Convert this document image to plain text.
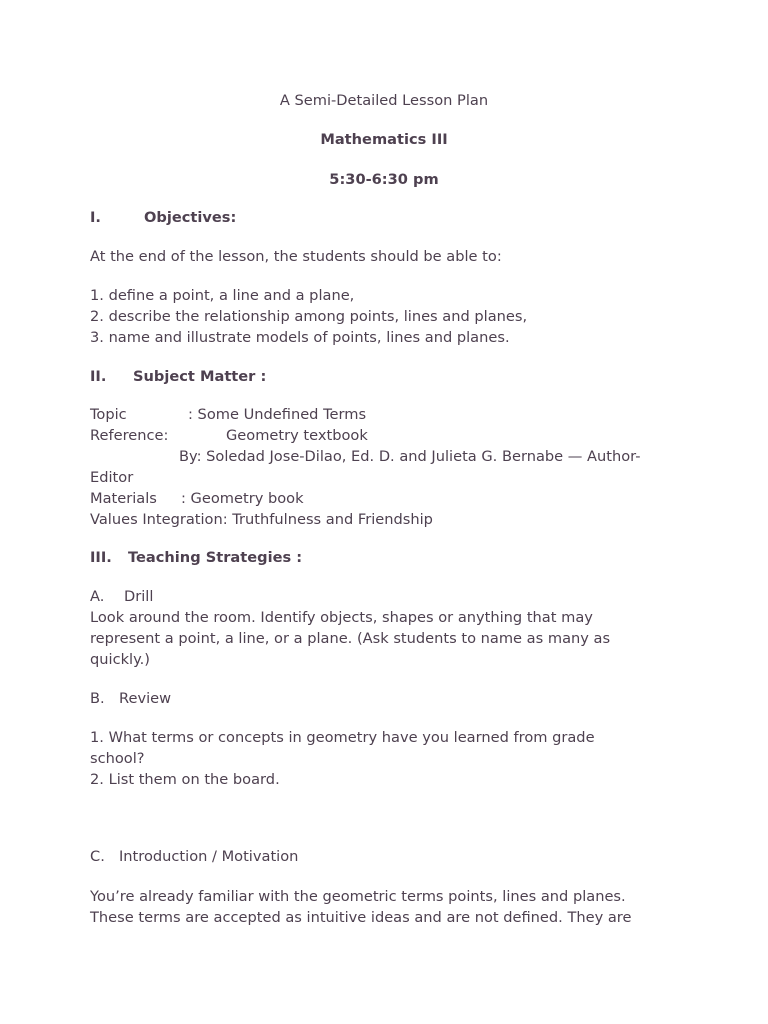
A Semi-Detailed Lesson Plan
Mathematics III
5:30-6:30 pm
I.	Objectives:
At the end of the lesson, the students should be able to:
1. define a point, a line and a plane,
2. describe the relationship among points, lines and planes,
3. name and illustrate models of points, lines and planes.
II. Subject Matter :
Topic	: Some Undefined Terms
Reference:	Geometry textbook
By: Soledad Jose-Dilao, Ed. D. and Julieta G. Bernabe — Author-
Editor
Materials : Geometry book
Values Integration: Truthfulness and Friendship
III. Teaching Strategies :
A. Drill
Look around the room. Identify objects, shapes or anything that may
represent a point, a line, or a plane. (Ask students to name as many as
quickly.)
B. Review
1. What terms or concepts in geometry have you learned from grade
school?
2. List them on the board.
C. Introduction / Motivation
You’re already familiar with the geometric terms points, lines and planes.
These terms are accepted as intuitive ideas and are not defined. They are
